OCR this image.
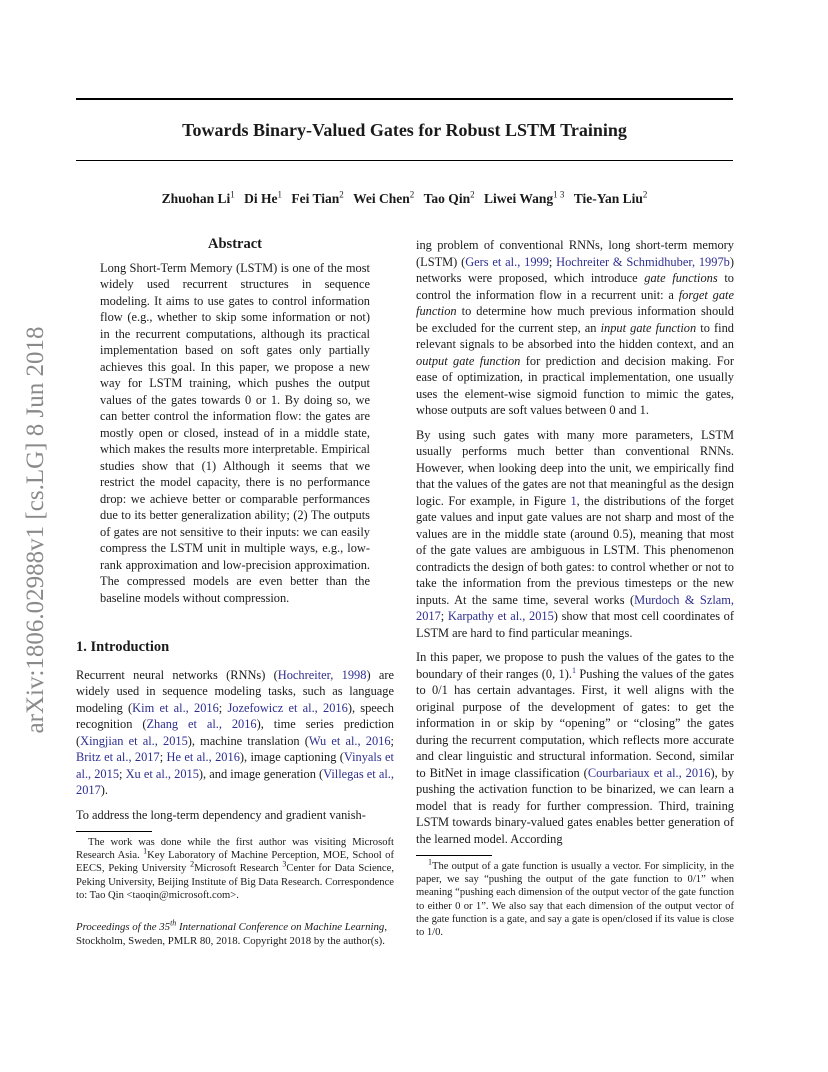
Towards Binary-Valued Gates for Robust LSTM Training
Zhuohan Li$^1$ Di He$^1$ Fei Tian$^2$ Wei Chen$^2$ Tao Qin$^2$ Liwei Wang$^{1 3}$ Tie-Yan Liu$^2$
arXiv:1806.02988v1 [cs.LG] 8 Jun 2018
Abstract

Long Short-Term Memory (LSTM) is one of the most widely used recurrent structures in sequence modeling. It aims to use gates to control information flow (e.g., whether to skip some information or not) in the recurrent computations, although its practical implementation based on soft gates only partially achieves this goal. In this paper, we propose a new way for LSTM training, which pushes the output values of the gates towards 0 or 1. By doing so, we can better control the information flow: the gates are mostly open or closed, instead of in a middle state, which makes the results more interpretable. Empirical studies show that (1) Although it seems that we restrict the model capacity, there is no performance drop: we achieve better or comparable performances due to its better generalization ability; (2) The outputs of gates are not sensitive to their inputs: we can easily compress the LSTM unit in multiple ways, e.g., low-rank approximation and low-precision approximation. The compressed models are even better than the baseline models without compression.

1. Introduction

Recurrent neural networks (RNNs) (Hochreiter, 1998) are widely used in sequence modeling tasks, such as language modeling (Kim et al., 2016; Jozefowicz et al., 2016), speech recognition (Zhang et al., 2016), time series prediction (Xingjian et al., 2015), machine translation (Wu et al., 2016; Britz et al., 2017; He et al., 2016), image captioning (Vinyals et al., 2015; Xu et al., 2015), and image generation (Villegas et al., 2017).

To address the long-term dependency and gradient vanish-

The work was done while the first author was visiting Microsoft Research Asia. $^1$Key Laboratory of Machine Perception, MOE, School of EECS, Peking University $^2$Microsoft Research $^3$Center for Data Science, Peking University, Beijing Institute of Big Data Research. Correspondence to: Tao Qin <taoqin@microsoft.com>.

Proceedings of the 35th International Conference on Machine Learning, Stockholm, Sweden, PMLR 80, 2018. Copyright 2018 by the author(s).

ing problem of conventional RNNs, long short-term memory (LSTM) (Gers et al., 1999; Hochreiter & Schmidhuber, 1997b) networks were proposed, which introduce gate functions to control the information flow in a recurrent unit: a forget gate function to determine how much previous information should be excluded for the current step, an input gate function to find relevant signals to be absorbed into the hidden context, and an output gate function for prediction and decision making. For ease of optimization, in practical implementation, one usually uses the element-wise sigmoid function to mimic the gates, whose outputs are soft values between 0 and 1.

By using such gates with many more parameters, LSTM usually performs much better than conventional RNNs. However, when looking deep into the unit, we empirically find that the values of the gates are not that meaningful as the design logic. For example, in Figure 1, the distributions of the forget gate values and input gate values are not sharp and most of the values are in the middle state (around 0.5), meaning that most of the gate values are ambiguous in LSTM. This phenomenon contradicts the design of both gates: to control whether or not to take the information from the previous timesteps or the new inputs. At the same time, several works (Murdoch & Szlam, 2017; Karpathy et al., 2015) show that most cell coordinates of LSTM are hard to find particular meanings.

In this paper, we propose to push the values of the gates to the boundary of their ranges (0, 1).$^1$ Pushing the values of the gates to 0/1 has certain advantages. First, it well aligns with the original purpose of the development of gates: to get the information in or skip by “opening” or “closing” the gates during the recurrent computation, which reflects more accurate and clear linguistic and structural information. Second, similar to BitNet in image classification (Courbariaux et al., 2016), by pushing the activation function to be binarized, we can learn a model that is ready for further compression. Third, training LSTM towards binary-valued gates enables better generation of the learned model. According

$^1$The output of a gate function is usually a vector. For simplicity, in the paper, we say “pushing the output of the gate function to 0/1” when meaning “pushing each dimension of the output vector of the gate function to either 0 or 1”. We also say that each dimension of the output vector of the gate function is a gate, and say a gate is open/closed if its value is close to 1/0.
